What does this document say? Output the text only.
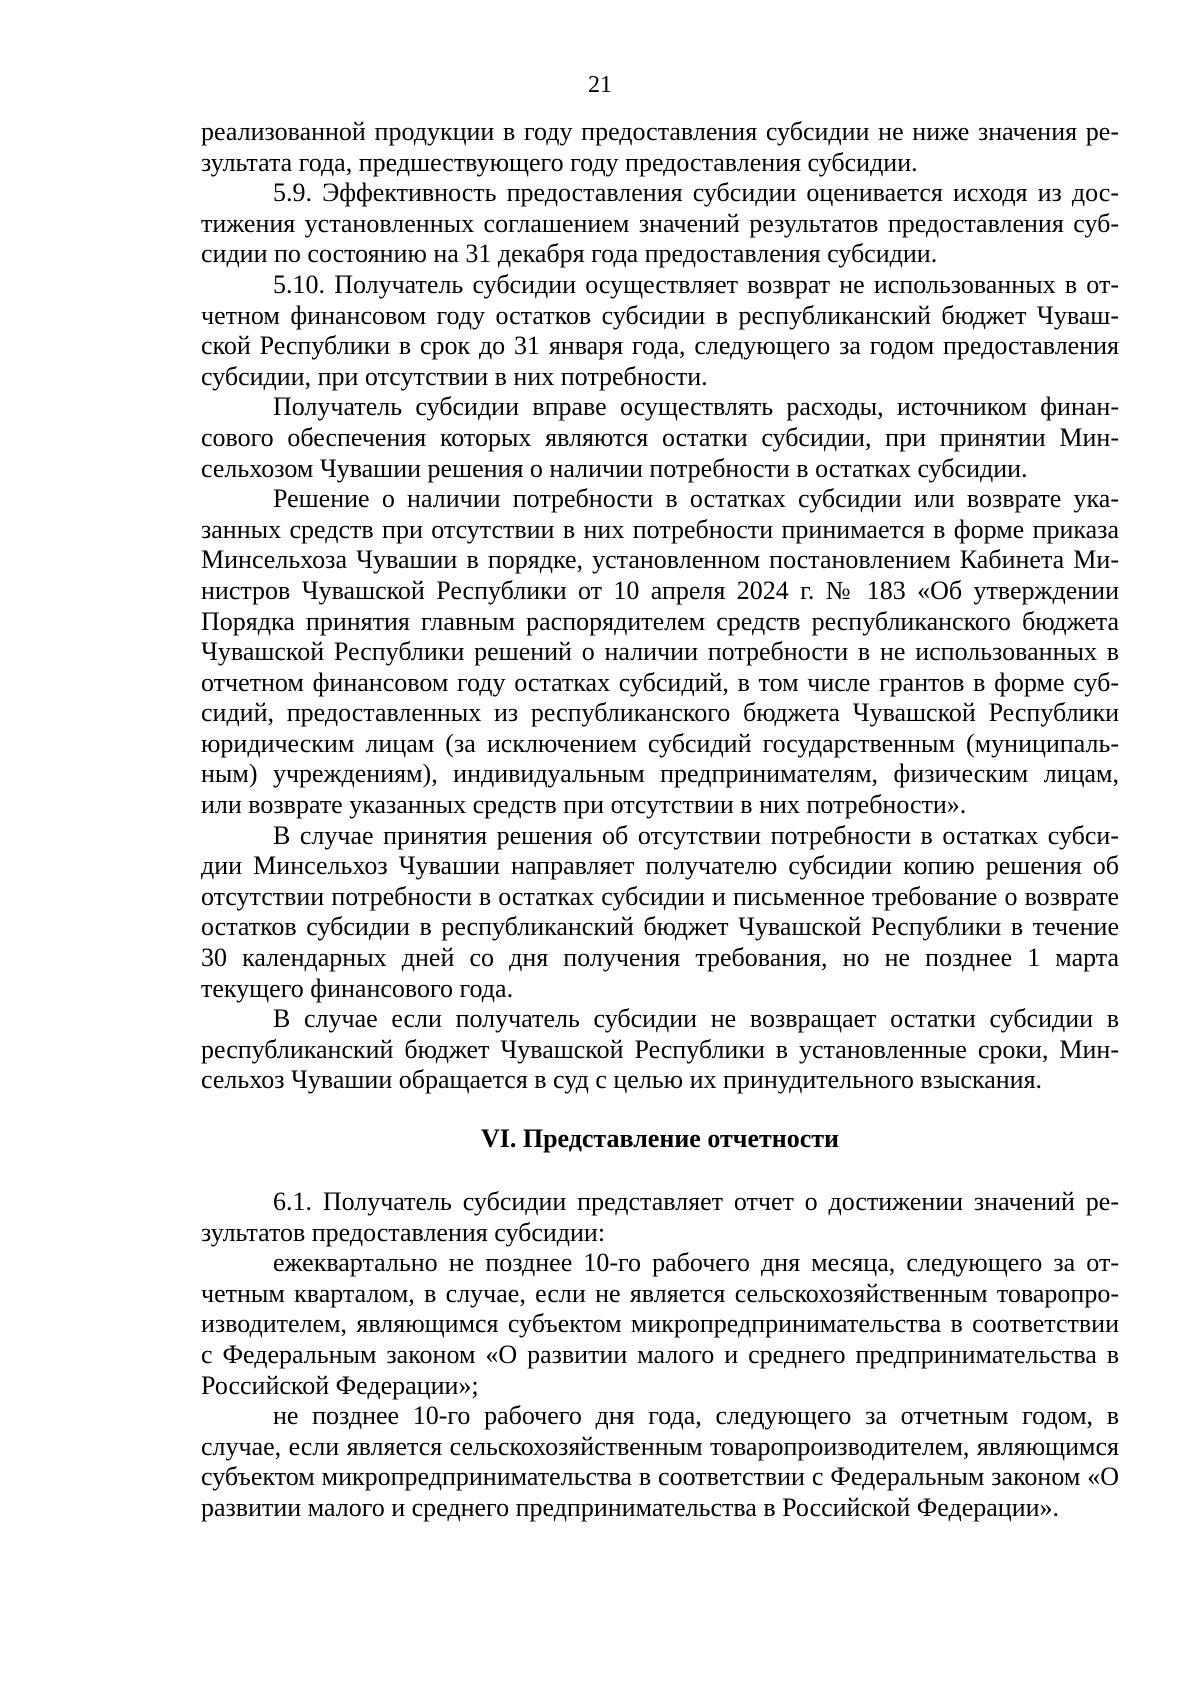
21

реализованной продукции в году предоставления субсидии не ниже значения результата года, предшествующего году предоставления субсидии.

5.9. Эффективность предоставления субсидии оценивается исходя из достижения установленных соглашением значений результатов предоставления субсидии по состоянию на 31 декабря года предоставления субсидии.

5.10. Получатель субсидии осуществляет возврат не использованных в отчетном финансовом году остатков субсидии в республиканский бюджет Чувашской Республики в срок до 31 января года, следующего за годом предоставления субсидии, при отсутствии в них потребности.

Получатель субсидии вправе осуществлять расходы, источником финансового обеспечения которых являются остатки субсидии, при принятии Минсельхозом Чувашии решения о наличии потребности в остатках субсидии.

Решение о наличии потребности в остатках субсидии или возврате указанных средств при отсутствии в них потребности принимается в форме приказа Минсельхоза Чувашии в порядке, установленном постановлением Кабинета Министров Чувашской Республики от 10 апреля 2024 г. № 183 «Об утверждении Порядка принятия главным распорядителем средств республиканского бюджета Чувашской Республики решений о наличии потребности в не использованных в отчетном финансовом году остатках субсидий, в том числе грантов в форме субсидий, предоставленных из республиканского бюджета Чувашской Республики юридическим лицам (за исключением субсидий государственным (муниципальным) учреждениям), индивидуальным предпринимателям, физическим лицам, или возврате указанных средств при отсутствии в них потребности».

В случае принятия решения об отсутствии потребности в остатках субсидии Минсельхоз Чувашии направляет получателю субсидии копию решения об отсутствии потребности в остатках субсидии и письменное требование о возврате остатков субсидии в республиканский бюджет Чувашской Республики в течение 30 календарных дней со дня получения требования, но не позднее 1 марта текущего финансового года.

В случае если получатель субсидии не возвращает остатки субсидии в республиканский бюджет Чувашской Республики в установленные сроки, Минсельхоз Чувашии обращается в суд с целью их принудительного взыскания.

VI. Представление отчетности

6.1. Получатель субсидии представляет отчет о достижении значений результатов предоставления субсидии:

ежеквартально не позднее 10-го рабочего дня месяца, следующего за отчетным кварталом, в случае, если не является сельскохозяйственным товаропроизводителем, являющимся субъектом микропредпринимательства в соответствии с Федеральным законом «О развитии малого и среднего предпринимательства в Российской Федерации»;

не позднее 10-го рабочего дня года, следующего за отчетным годом, в случае, если является сельскохозяйственным товаропроизводителем, являющимся субъектом микропредпринимательства в соответствии с Федеральным законом «О развитии малого и среднего предпринимательства в Российской Федерации».
